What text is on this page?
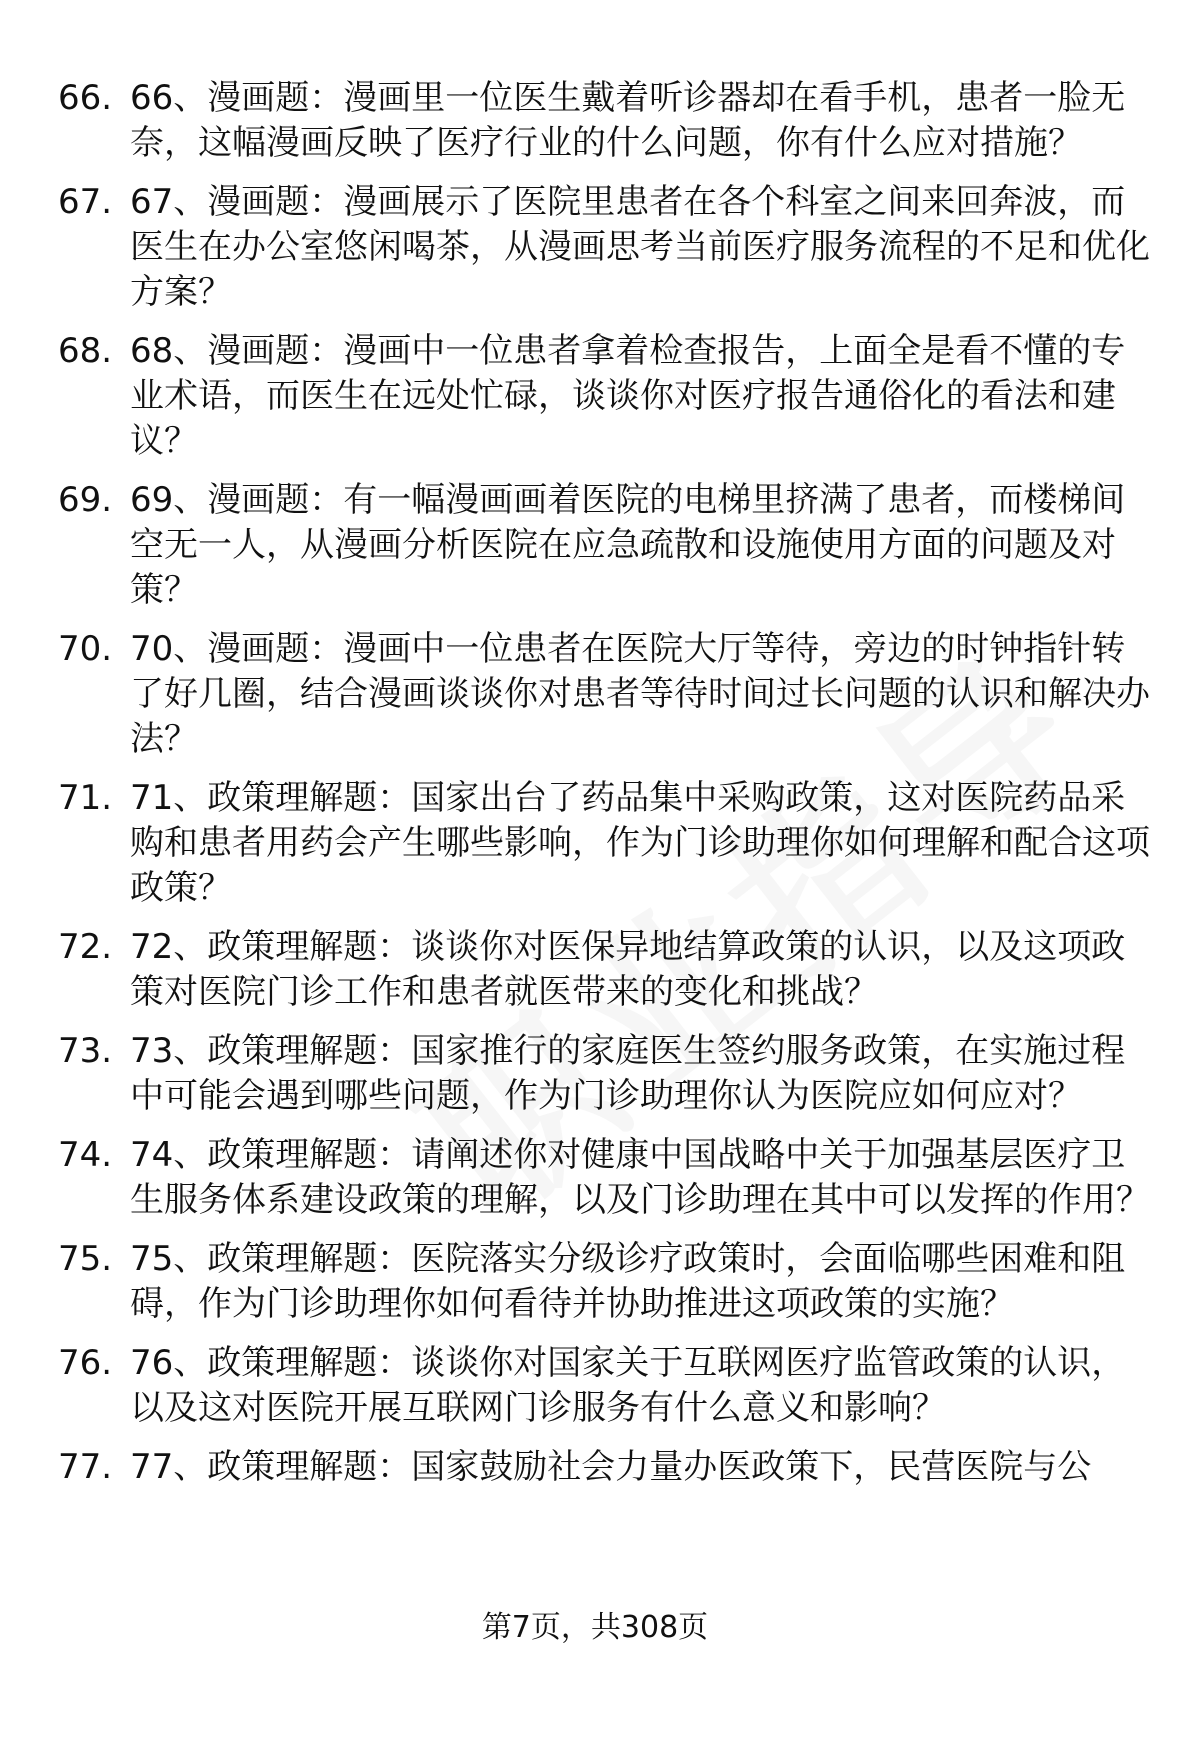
66. 66、漫画题：漫画里一位医生戴着听诊器却在看手机，患者一脸无奈，这幅漫画反映了医疗行业的什么问题，你有什么应对措施？
67. 67、漫画题：漫画展示了医院里患者在各个科室之间来回奔波，而医生在办公室悠闲喝茶，从漫画思考当前医疗服务流程的不足和优化方案？
68. 68、漫画题：漫画中一位患者拿着检查报告，上面全是看不懂的专业术语，而医生在远处忙碌，谈谈你对医疗报告通俗化的看法和建议？
69. 69、漫画题：有一幅漫画画着医院的电梯里挤满了患者，而楼梯间空无一人，从漫画分析医院在应急疏散和设施使用方面的问题及对策？
70. 70、漫画题：漫画中一位患者在医院大厅等待，旁边的时钟指针转了好几圈，结合漫画谈谈你对患者等待时间过长问题的认识和解决办法？
71. 71、政策理解题：国家出台了药品集中采购政策，这对医院药品采购和患者用药会产生哪些影响，作为门诊助理你如何理解和配合这项政策？
72. 72、政策理解题：谈谈你对医保异地结算政策的认识，以及这项政策对医院门诊工作和患者就医带来的变化和挑战？
73. 73、政策理解题：国家推行的家庭医生签约服务政策，在实施过程中可能会遇到哪些问题，作为门诊助理你认为医院应如何应对？
74. 74、政策理解题：请阐述你对健康中国战略中关于加强基层医疗卫生服务体系建设政策的理解，以及门诊助理在其中可以发挥的作用？
75. 75、政策理解题：医院落实分级诊疗政策时，会面临哪些困难和阻碍，作为门诊助理你如何看待并协助推进这项政策的实施？
76. 76、政策理解题：谈谈你对国家关于互联网医疗监管政策的认识，以及这对医院开展互联网门诊服务有什么意义和影响？
77. 77、政策理解题：国家鼓励社会力量办医政策下，民营医院与公
第7页，共308页
